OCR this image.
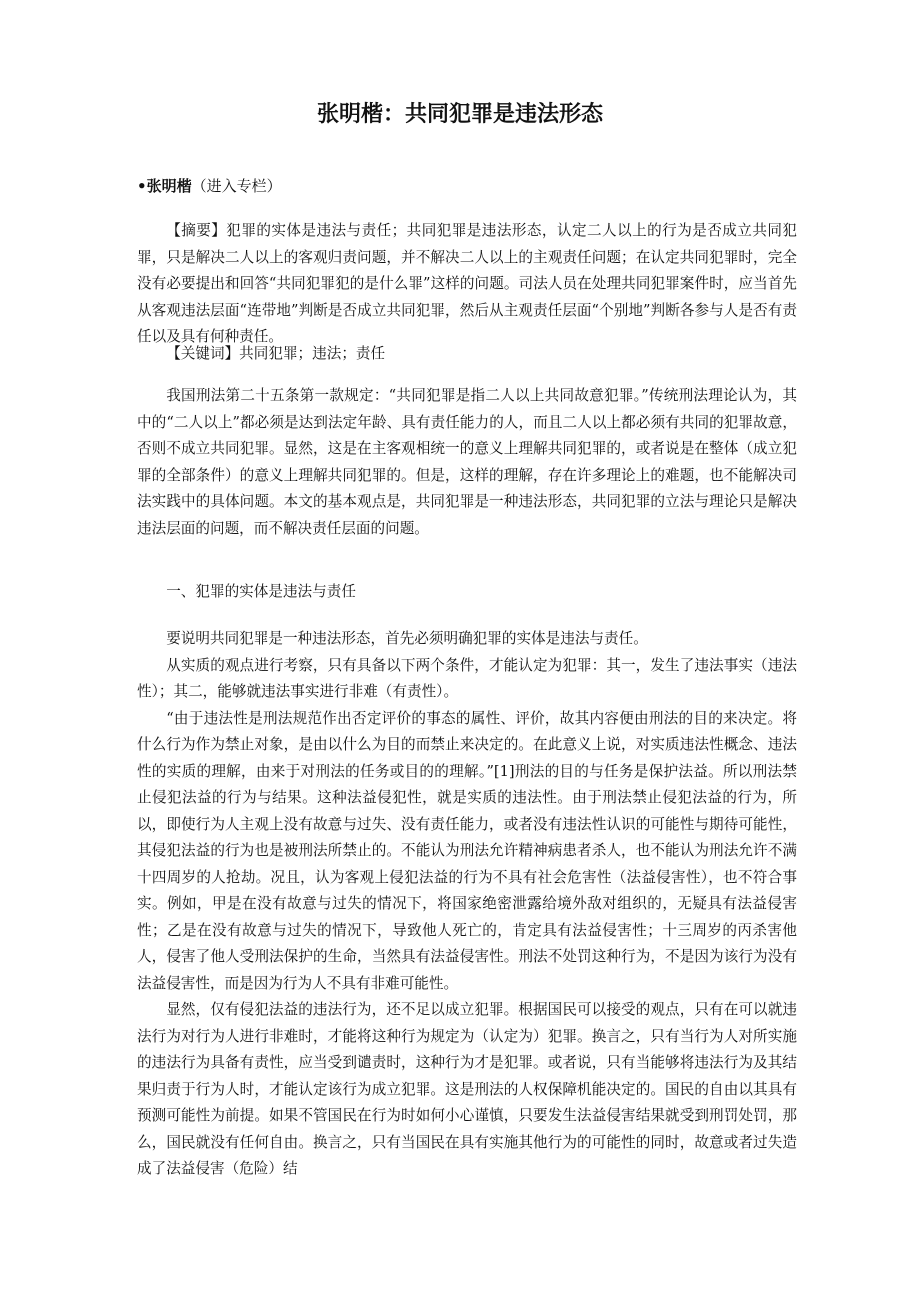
张明楷：共同犯罪是违法形态

•张明楷（进入专栏）

【摘要】犯罪的实体是违法与责任；共同犯罪是违法形态，认定二人以上的行为是否成立共同犯罪，只是解决二人以上的客观归责问题，并不解决二人以上的主观责任问题；在认定共同犯罪时，完全没有必要提出和回答“共同犯罪犯的是什么罪”这样的问题。司法人员在处理共同犯罪案件时，应当首先从客观违法层面“连带地”判断是否成立共同犯罪，然后从主观责任层面“个别地”判断各参与人是否有责任以及具有何种责任。

【关键词】共同犯罪；违法；责任

我国刑法第二十五条第一款规定：“共同犯罪是指二人以上共同故意犯罪。”传统刑法理论认为，其中的“二人以上”都必须是达到法定年龄、具有责任能力的人，而且二人以上都必须有共同的犯罪故意，否则不成立共同犯罪。显然，这是在主客观相统一的意义上理解共同犯罪的，或者说是在整体（成立犯罪的全部条件）的意义上理解共同犯罪的。但是，这样的理解，存在许多理论上的难题，也不能解决司法实践中的具体问题。本文的基本观点是，共同犯罪是一种违法形态，共同犯罪的立法与理论只是解决违法层面的问题，而不解决责任层面的问题。

一、犯罪的实体是违法与责任

要说明共同犯罪是一种违法形态，首先必须明确犯罪的实体是违法与责任。

从实质的观点进行考察，只有具备以下两个条件，才能认定为犯罪：其一，发生了违法事实（违法性）；其二，能够就违法事实进行非难（有责性）。

“由于违法性是刑法规范作出否定评价的事态的属性、评价，故其内容便由刑法的目的来决定。将什么行为作为禁止对象，是由以什么为目的而禁止来决定的。在此意义上说，对实质违法性概念、违法性的实质的理解，由来于对刑法的任务或目的的理解。”[1]刑法的目的与任务是保护法益。所以刑法禁止侵犯法益的行为与结果。这种法益侵犯性，就是实质的违法性。由于刑法禁止侵犯法益的行为，所以，即使行为人主观上没有故意与过失、没有责任能力，或者没有违法性认识的可能性与期待可能性，其侵犯法益的行为也是被刑法所禁止的。不能认为刑法允许精神病患者杀人，也不能认为刑法允许不满十四周岁的人抢劫。况且，认为客观上侵犯法益的行为不具有社会危害性（法益侵害性），也不符合事实。例如，甲是在没有故意与过失的情况下，将国家绝密泄露给境外敌对组织的，无疑具有法益侵害性；乙是在没有故意与过失的情况下，导致他人死亡的，肯定具有法益侵害性；十三周岁的丙杀害他人，侵害了他人受刑法保护的生命，当然具有法益侵害性。刑法不处罚这种行为，不是因为该行为没有法益侵害性，而是因为行为人不具有非难可能性。

显然，仅有侵犯法益的违法行为，还不足以成立犯罪。根据国民可以接受的观点，只有在可以就违法行为对行为人进行非难时，才能将这种行为规定为（认定为）犯罪。换言之，只有当行为人对所实施的违法行为具备有责性，应当受到谴责时，这种行为才是犯罪。或者说，只有当能够将违法行为及其结果归责于行为人时，才能认定该行为成立犯罪。这是刑法的人权保障机能决定的。国民的自由以其具有预测可能性为前提。如果不管国民在行为时如何小心谨慎，只要发生法益侵害结果就受到刑罚处罚，那么，国民就没有任何自由。换言之，只有当国民在具有实施其他行为的可能性的同时，故意或者过失造成了法益侵害（危险）结
